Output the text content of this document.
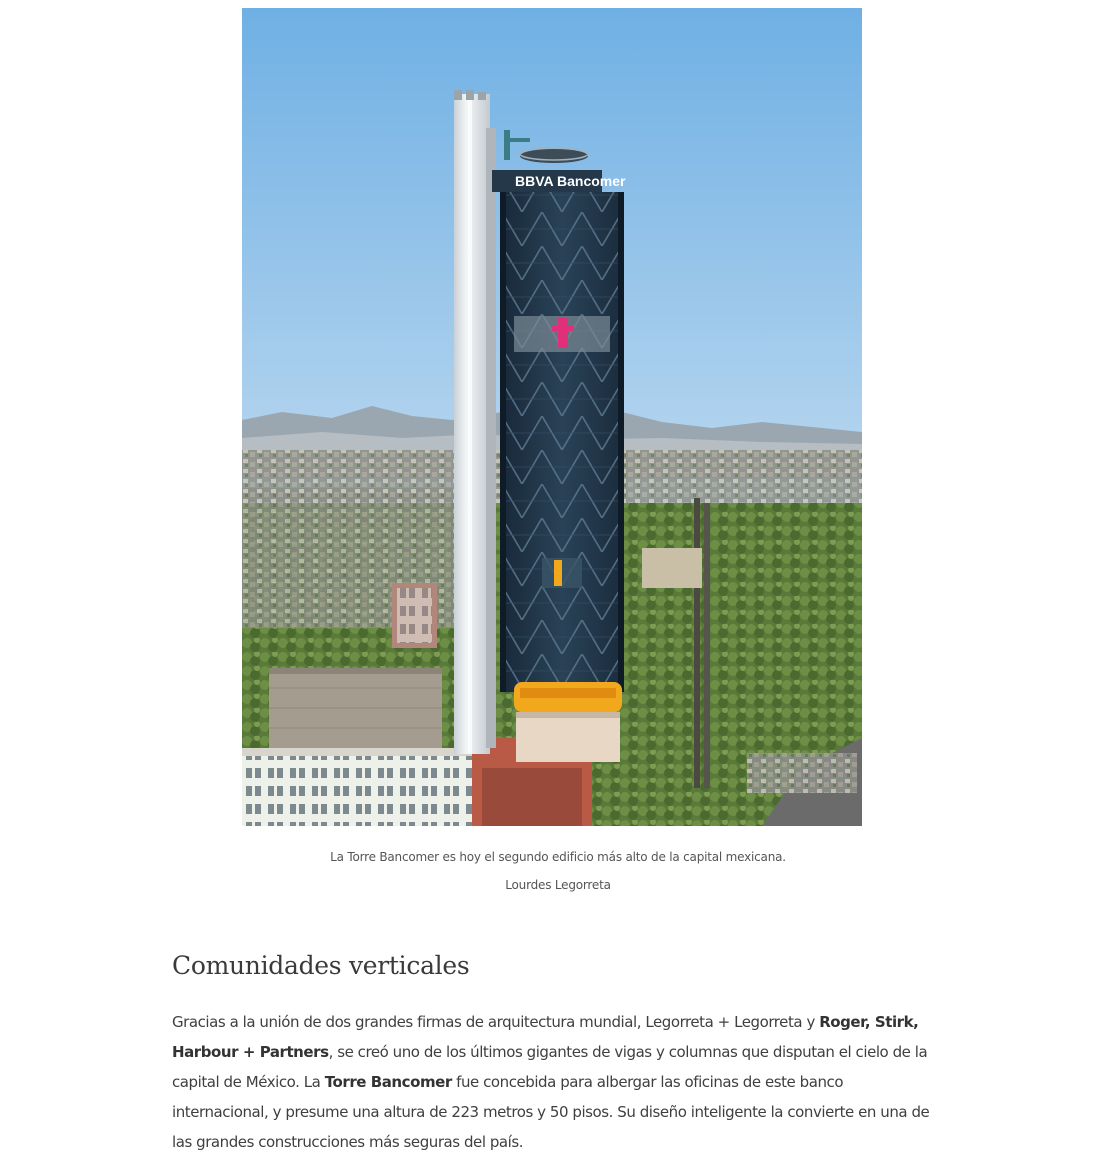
BBVA Bancomer
La Torre Bancomer es hoy el segundo edificio más alto de la capital mexicana.
Lourdes Legorreta
Comunidades verticales

Gracias a la unión de dos grandes firmas de arquitectura mundial, Legorreta + Legorreta y Roger, Stirk, Harbour + Partners, se creó uno de los últimos gigantes de vigas y columnas que disputan el cielo de la capital de México. La Torre Bancomer fue concebida para albergar las oficinas de este banco internacional, y presume una altura de 223 metros y 50 pisos. Su diseño inteligente la convierte en una de las grandes construcciones más seguras del país.
